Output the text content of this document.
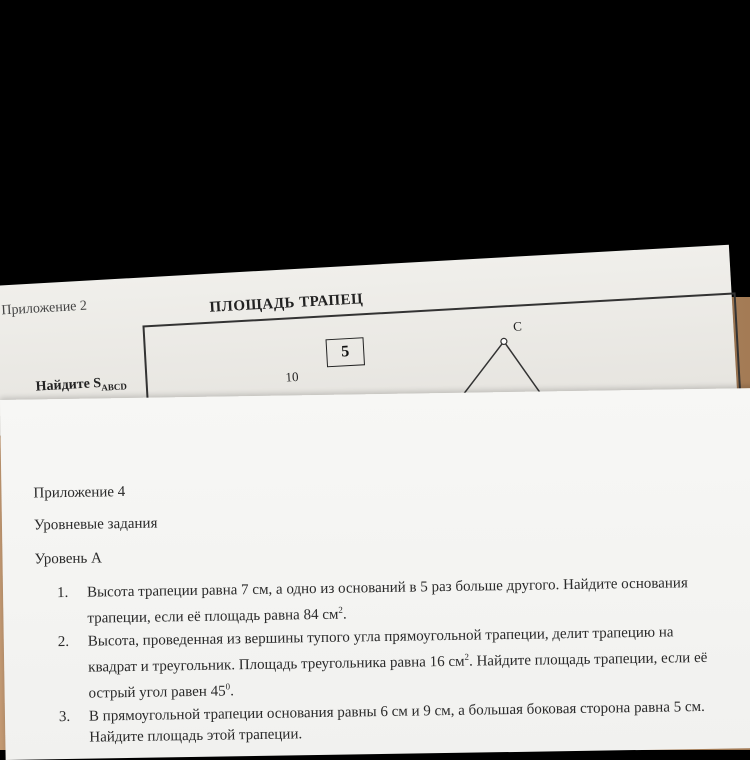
Приложение 2	ПЛОЩАДЬ ТРАПЕЦ
Найдите $S_{ABCD}$
5
10
C
Приложение 4
Уровневые задания
Уровень А
1. Высота трапеции равна 7 см, а одно из оснований в 5 раз больше другого. Найдите основания трапеции, если её площадь равна 84 $см^2$.
2. Высота, проведенная из вершины тупого угла прямоугольной трапеции, делит трапецию на квадрат и треугольник. Площадь треугольника равна 16 $см^2$. Найдите площадь трапеции, если её острый угол равен $45^0$.
3. В прямоугольной трапеции основания равны 6 см и 9 см, а большая боковая сторона равна 5 см. Найдите площадь этой трапеции.
